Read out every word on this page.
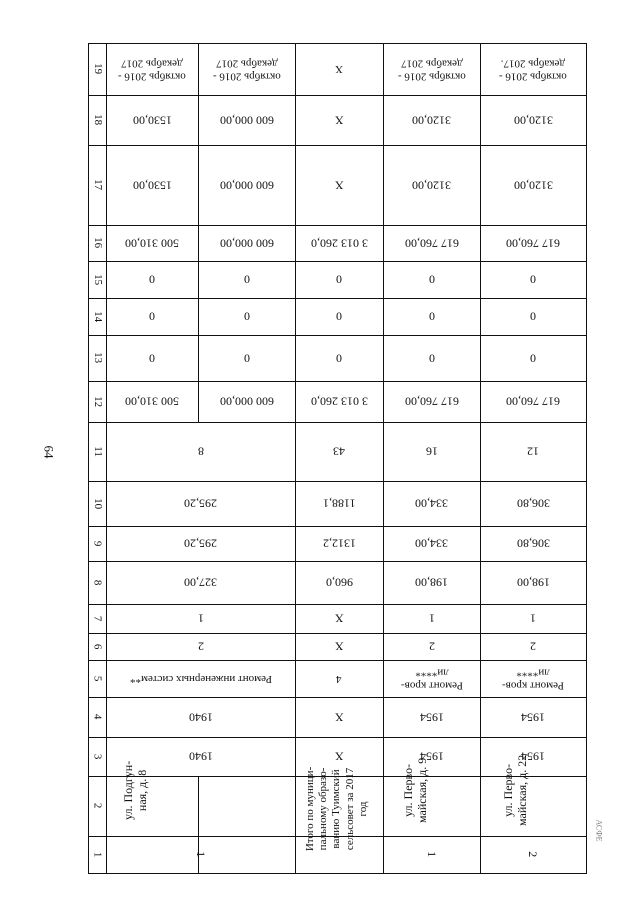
64
АСФЕ
1
2
3
4
5
6
7
8
9
10
11
12
13
14
15
16
17
18
19
1
ул. Подгун-
ная, д. 8
1940
1940
Ремонт инженерных систем**
2
1
327,00
295,20
295,20
8
500 310,00
0
0
0
500 310,00
1530,00
1530,00
октябрь 2016 -
декабрь 2017
600 000,00
0
0
0
600 000,00
600 000,00
600 000,00
октябрь 2016 -
декабрь 2017
Итого по муници-
пальному образо-
ванию Туимский
сельсовет за 2017
год
X
X
4
X
X
960,0
1312,2
1188,1
43
3 013 260,0
0
0
0
3 013 260,0
X
X
X
1
ул. Перво-
майская, д. 9
1954
1954
Ремонт кров-
ли****
2
1
198,00
334,00
334,00
16
617 760,00
0
0
0
617 760,00
3120,00
3120,00
октябрь 2016 -
декабрь 2017
2
ул. Перво-
майская, д. 22
1954
1954
Ремонт кров-
ли****
2
1
198,00
306,80
306,80
12
617 760,00
0
0
0
617 760,00
3120,00
3120,00
октябрь 2016 -
декабрь 2017.
